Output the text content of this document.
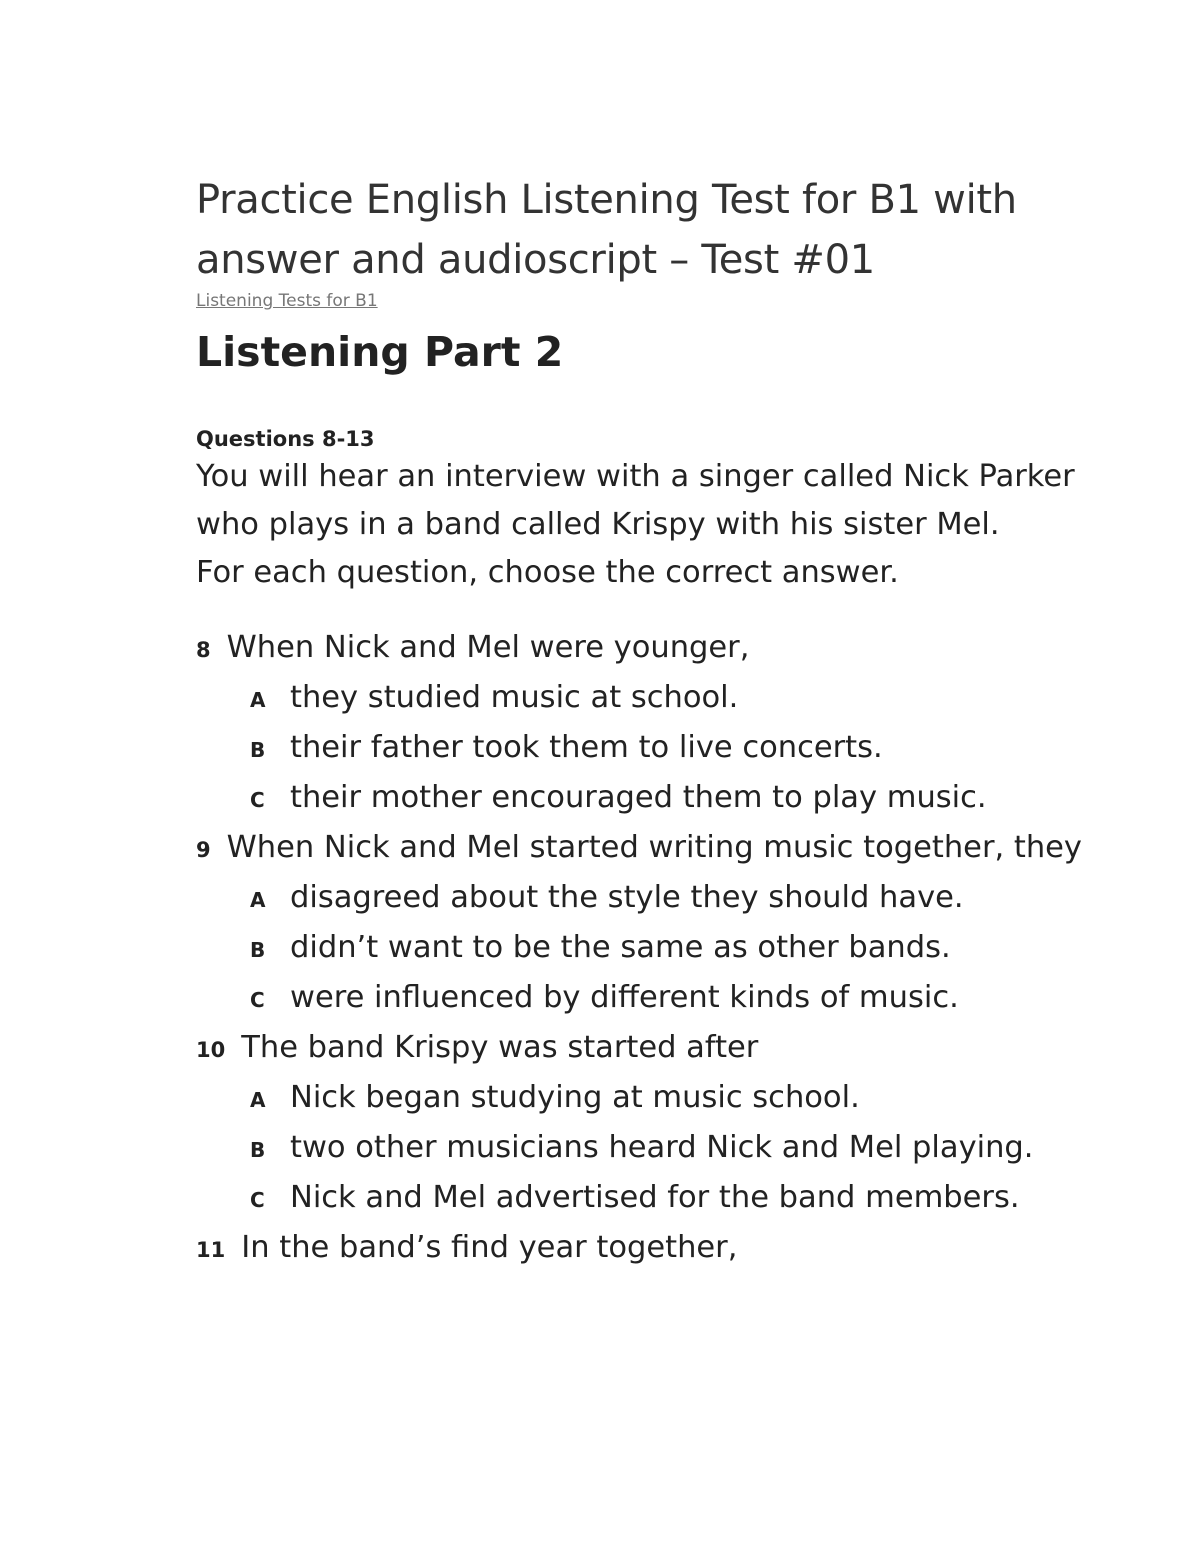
Practice English Listening Test for B1 with answer and audioscript – Test #01
Listening Tests for B1
Listening Part 2
Questions 8-13

You will hear an interview with a singer called Nick Parker who plays in a band called Krispy with his sister Mel.

For each question, choose the correct answer.

8 When Nick and Mel were younger,

A they studied music at school.

B their father took them to live concerts.

C their mother encouraged them to play music.

9 When Nick and Mel started writing music together, they

A disagreed about the style they should have.

B didn’t want to be the same as other bands.

C were influenced by different kinds of music.

10 The band Krispy was started after

A Nick began studying at music school.

B two other musicians heard Nick and Mel playing.

C Nick and Mel advertised for the band members.

11 In the band’s find year together,
